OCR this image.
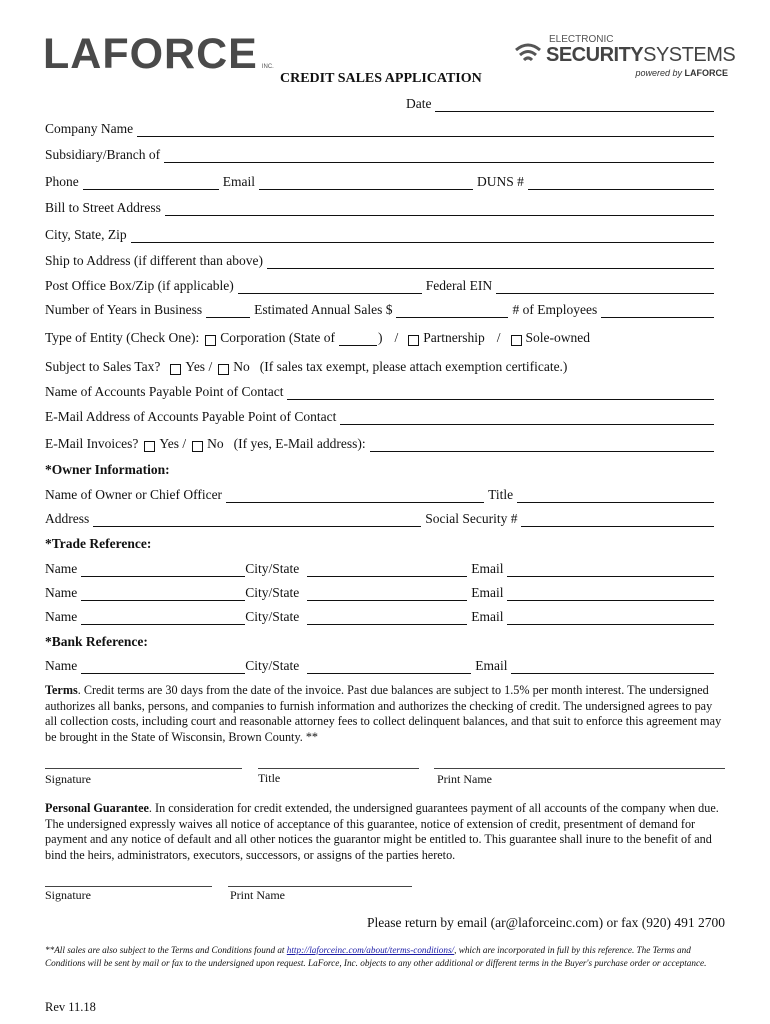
LAFORCE INC.
ELECTRONIC
SECURITYSYSTEMS
powered by LAFORCE
CREDIT SALES APPLICATION
Date
Company Name
Subsidiary/Branch of
Phone	Email	DUNS #
Bill to Street Address
City, State, Zip
Ship to Address (if different than above)
Post Office Box/Zip (if applicable)	Federal EIN
Number of Years in Business	Estimated Annual Sales $	# of Employees
Type of Entity (Check One): Corporation (State of	) / Partnership / Sole-owned
Subject to Sales Tax? Yes / No (If sales tax exempt, please attach exemption certificate.)
Name of Accounts Payable Point of Contact
E-Mail Address of Accounts Payable Point of Contact
E-Mail Invoices? Yes / No (If yes, E-Mail address):
*Owner Information:
Name of Owner or Chief Officer	Title
Address	Social Security #
*Trade Reference:
Name	City/State	Email
Name	City/State	Email
Name	City/State	Email
*Bank Reference:
Name	City/State	Email
Terms. Credit terms are 30 days from the date of the invoice. Past due balances are subject to 1.5% per month interest. The undersigned authorizes all banks, persons, and companies to furnish information and authorizes the checking of credit. The undersigned agrees to pay all collection costs, including court and reasonable attorney fees to collect delinquent balances, and that suit to enforce this agreement may be brought in the State of Wisconsin, Brown County. **
Signature	Title	Print Name
Personal Guarantee. In consideration for credit extended, the undersigned guarantees payment of all accounts of the company when due. The undersigned expressly waives all notice of acceptance of this guarantee, notice of extension of credit, presentment of demand for payment and any notice of default and all other notices the guarantor might be entitled to. This guarantee shall inure to the benefit of and bind the heirs, administrators, executors, successors, or assigns of the parties hereto.
Signature	Print Name
Please return by email (ar@laforceinc.com) or fax (920) 491 2700
**All sales are also subject to the Terms and Conditions found at http://laforceinc.com/about/terms-conditions/, which are incorporated in full by this reference. The Terms and Conditions will be sent by mail or fax to the undersigned upon request. LaForce, Inc. objects to any other additional or different terms in the Buyer's purchase order or acceptance.
Rev 11.18
